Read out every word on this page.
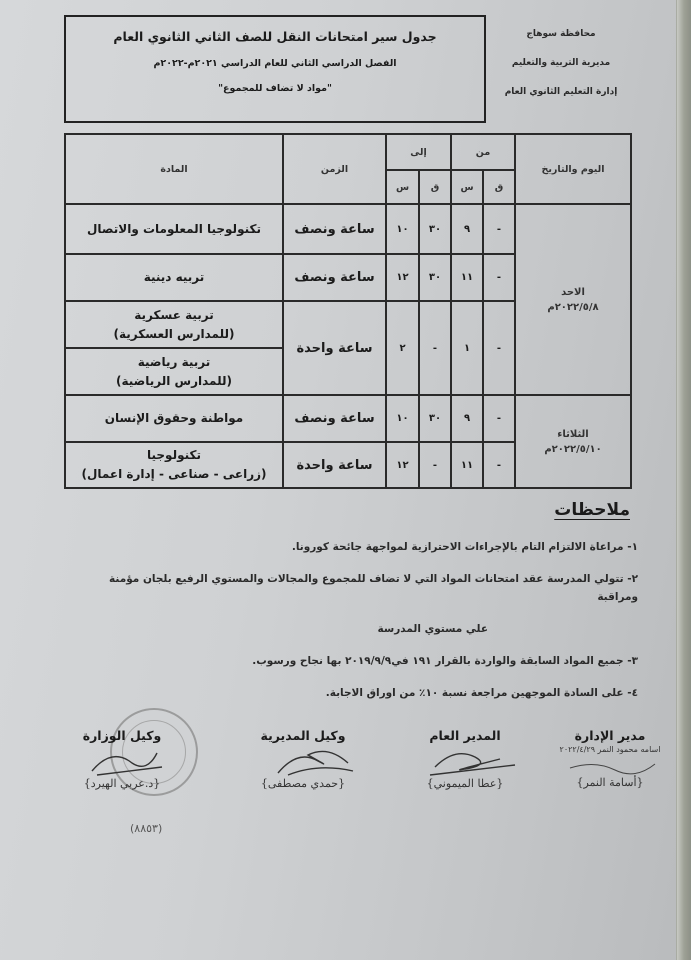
محافظة سوهاج
مديرية التربية والتعليم
إدارة التعليم الثانوي العام
جدول سير امتحانات النقل للصف الثاني الثانوي العام
الفصل الدراسي الثاني للعام الدراسي ٢٠٢١م-٢٠٢٢م
"مواد لا تضاف للمجموع"
اليوم والتاريخ	من		إلى		الزمن	المادة
	ق	س	ق	س		

الاحد
٢٠٢٢/٥/٨م	-	٩	٣٠	١٠	ساعة ونصف	تكنولوجيا المعلومات والاتصال

	-	١١	٣٠	١٢	ساعة ونصف	تربيه دينية

	-	١	-	٢	ساعة واحدة	تربية عسكرية
(للمدارس العسكرية)

						تربية رياضية
(للمدارس الرياضية)

الثلاثاء
٢٠٢٢/٥/١٠م	-	٩	٣٠	١٠	ساعة ونصف	مواطنة وحقوق الإنسان

	-	١١	-	١٢	ساعة واحدة	تكنولوجيا
(زراعى - صناعى - إدارة اعمال)
ملاحظات
١- مراعاة الالتزام التام بالإجراءات الاحترازية لمواجهة جائحة كورونا.
٢- تتولي المدرسة عقد امتحانات المواد التي لا تضاف للمجموع والمجالات والمستوي الرفيع بلجان مؤمنة ومراقبة
علي مستوي المدرسة
٣- جميع المواد السابقة والواردة بالقرار ١٩١ في٢٠١٩/٩/٩ بها نجاح ورسوب.
٤- على السادة الموجهين مراجعة نسبة ١٠٪ من اوراق الاجابة.
مدير الإدارة
اسامه محمود النمر ٢٠٢٢/٤/٢٩
{أسامة النمر}
المدير العام
{عطا الميموني}
وكيل المديرية
{حمدي مصطفى}
وكيل الوزارة
{د.عربي الهيرد}
(٨٨٥٣)
